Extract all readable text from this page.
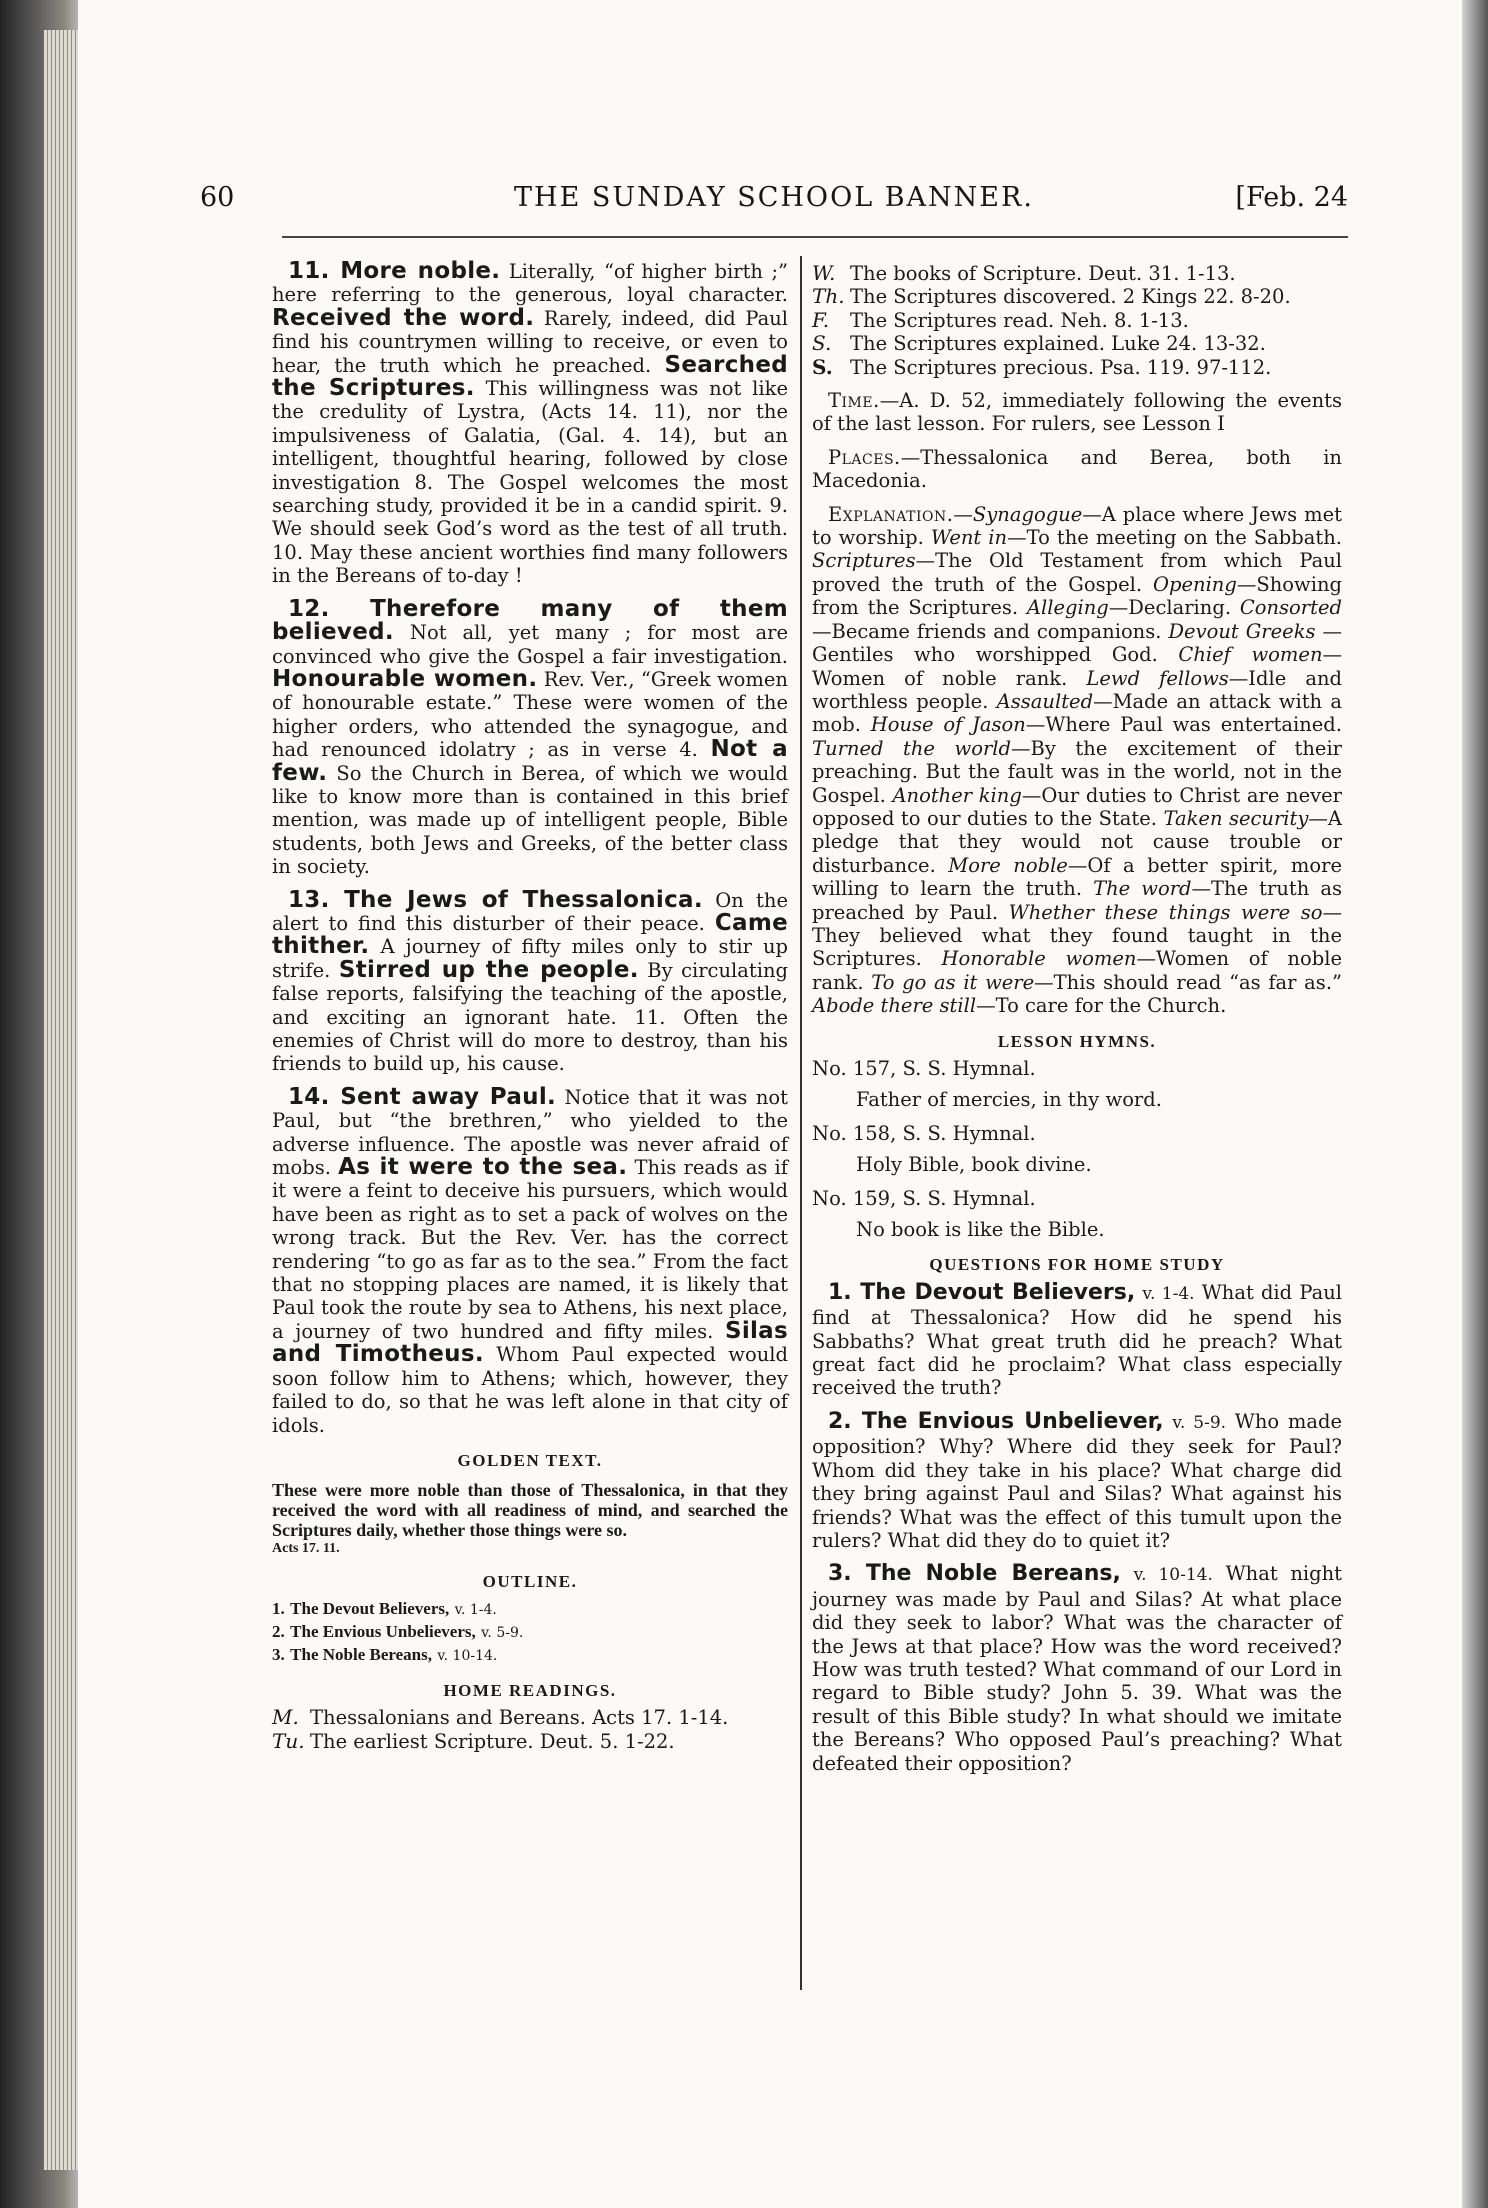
60	THE SUNDAY SCHOOL BANNER.	[Feb. 24

11. More noble. Literally, “of higher birth ;” here referring to the generous, loyal character. Received the word. Rarely, indeed, did Paul find his countrymen willing to receive, or even to hear, the truth which he preached. Searched the Scriptures. This willingness was not like the credulity of Lystra, (Acts 14. 11), nor the impulsiveness of Galatia, (Gal. 4. 14), but an intelligent, thoughtful hearing, followed by close investigation 8. The Gospel welcomes the most searching study, provided it be in a candid spirit. 9. We should seek God’s word as the test of all truth. 10. May these ancient worthies find many followers in the Bereans of to-day !

12. Therefore many of them believed. Not all, yet many ; for most are convinced who give the Gospel a fair investigation. Honourable women. Rev. Ver., “Greek women of honourable estate.” These were women of the higher orders, who attended the synagogue, and had renounced idolatry ; as in verse 4. Not a few. So the Church in Berea, of which we would like to know more than is contained in this brief mention, was made up of intelligent people, Bible students, both Jews and Greeks, of the better class in society.

13. The Jews of Thessalonica. On the alert to find this disturber of their peace. Came thither. A journey of fifty miles only to stir up strife. Stirred up the people. By circulating false reports, falsifying the teaching of the apostle, and exciting an ignorant hate. 11. Often the enemies of Christ will do more to destroy, than his friends to build up, his cause.

14. Sent away Paul. Notice that it was not Paul, but “the brethren,” who yielded to the adverse influence. The apostle was never afraid of mobs. As it were to the sea. This reads as if it were a feint to deceive his pursuers, which would have been as right as to set a pack of wolves on the wrong track. But the Rev. Ver. has the correct rendering “to go as far as to the sea.” From the fact that no stopping places are named, it is likely that Paul took the route by sea to Athens, his next place, a journey of two hundred and fifty miles. Silas and Timotheus. Whom Paul expected would soon follow him to Athens; which, however, they failed to do, so that he was left alone in that city of idols.

GOLDEN TEXT.

These were more noble than those of Thessalonica, in that they received the word with all readiness of mind, and searched the Scriptures daily, whether those things were so.
Acts 17. 11.

OUTLINE.

1. The Devout Believers, v. 1-4.
2. The Envious Unbelievers, v. 5-9.
3. The Noble Bereans, v. 10-14.

HOME READINGS.

M. Thessalonians and Bereans. Acts 17. 1-14.
Tu. The earliest Scripture. Deut. 5. 1-22.
W. The books of Scripture. Deut. 31. 1-13.
Th. The Scriptures discovered. 2 Kings 22. 8-20.
F.	The Scriptures read. Neh. 8. 1-13.
S. The Scriptures explained. Luke 24. 13-32.
S. The Scriptures precious. Psa. 119. 97-112.

Time.—A. D. 52, immediately following the events of the last lesson. For rulers, see Lesson I

Places.—Thessalonica and Berea, both in Macedonia.

Explanation.—Synagogue—A place where Jews met to worship. Went in—To the meeting on the Sabbath. Scriptures—The Old Testament from which Paul proved the truth of the Gospel. Opening—Showing from the Scriptures. Alleging—Declaring. Consorted—Became friends and companions. Devout Greeks — Gentiles who worshipped God. Chief women—Women of noble rank. Lewd fellows—Idle and worthless people. Assaulted—Made an attack with a mob. House of Jason—Where Paul was entertained. Turned the world—By the excitement of their preaching. But the fault was in the world, not in the Gospel. Another king—Our duties to Christ are never opposed to our duties to the State. Taken security—A pledge that they would not cause trouble or disturbance. More noble—Of a better spirit, more willing to learn the truth. The word—The truth as preached by Paul. Whether these things were so—They believed what they found taught in the Scriptures. Honorable women—Women of noble rank. To go as it were—This should read “as far as.” Abode there still—To care for the Church.

LESSON HYMNS.

No. 157, S. S. Hymnal.

Father of mercies, in thy word.

No. 158, S. S. Hymnal.

Holy Bible, book divine.

No. 159, S. S. Hymnal.

No book is like the Bible.

QUESTIONS FOR HOME STUDY

1. The Devout Believers, v. 1-4. What did Paul find at Thessalonica? How did he spend his Sabbaths? What great truth did he preach? What great fact did he proclaim? What class especially received the truth?

2. The Envious Unbeliever, v. 5-9. Who made opposition? Why? Where did they seek for Paul? Whom did they take in his place? What charge did they bring against Paul and Silas? What against his friends? What was the effect of this tumult upon the rulers? What did they do to quiet it?

3. The Noble Bereans, v. 10-14. What night journey was made by Paul and Silas? At what place did they seek to labor? What was the character of the Jews at that place? How was the word received? How was truth tested? What command of our Lord in regard to Bible study? John 5. 39. What was the result of this Bible study? In what should we imitate the Bereans? Who opposed Paul’s preaching? What defeated their opposition?
